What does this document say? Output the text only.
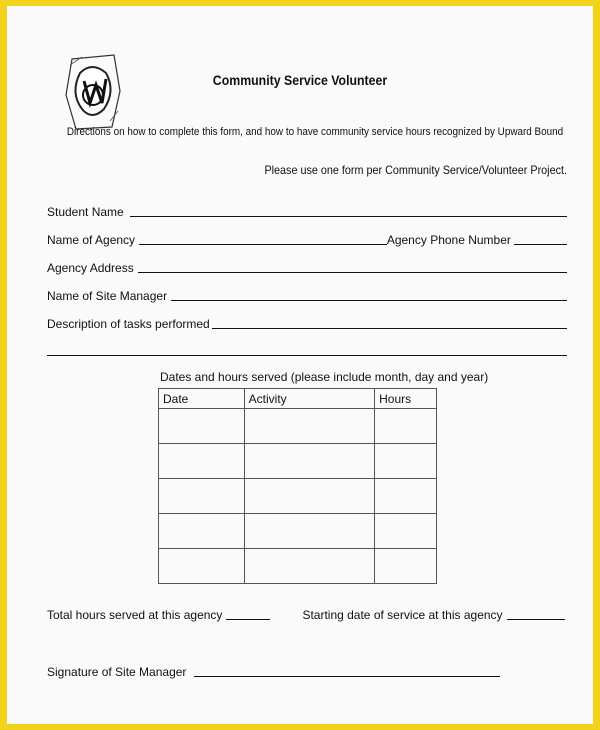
Community Service Volunteer
Directions on how to complete this form, and how to have community service hours recognized by Upward Bound
Please use one form per Community Service/Volunteer Project.
Student Name
Name of Agency	Agency Phone Number
Agency Address
Name of Site Manager
Description of tasks performed
Dates and hours served (please include month, day and year)
Date	Activity	Hours

Total hours served at this agency	Starting date of service at this agency
Signature of Site Manager
